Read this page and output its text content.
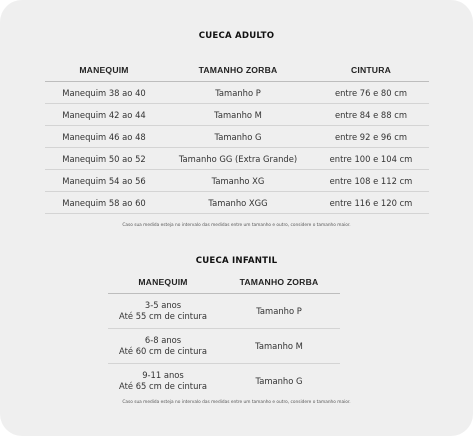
CUECA ADULTO
MANEQUIM	TAMANHO ZORBA	CINTURA
Manequim 38 ao 40	Tamanho P	entre 76 e 80 cm
Manequim 42 ao 44	Tamanho M	entre 84 e 88 cm
Manequim 46 ao 48	Tamanho G	entre 92 e 96 cm
Manequim 50 ao 52	Tamanho GG (Extra Grande)	entre 100 e 104 cm
Manequim 54 ao 56	Tamanho XG	entre 108 e 112 cm
Manequim 58 ao 60	Tamanho XGG	entre 116 e 120 cm
Caso sua medida esteja no intervalo das medidas entre um tamanho e outro, considere o tamanho maior.
CUECA INFANTIL
MANEQUIM	TAMANHO ZORBA

3-5 anos
Até 55 cm de cintura	Tamanho P

6-8 anos
Até 60 cm de cintura	Tamanho M

9-11 anos
Até 65 cm de cintura	Tamanho G
Caso sua medida esteja no intervalo das medidas entre um tamanho e outro, considere o tamanho maior.
